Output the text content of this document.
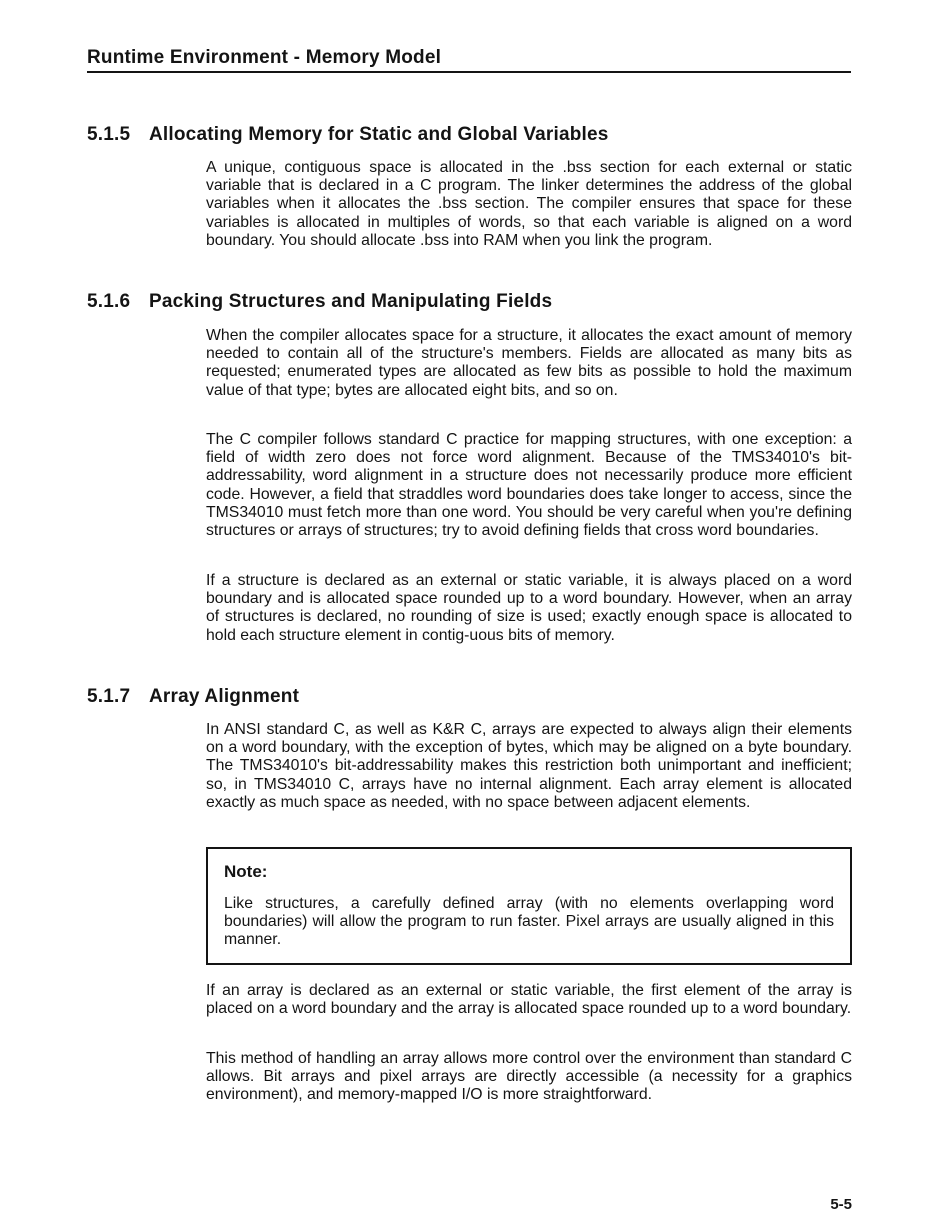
Runtime Environment - Memory Model
5.1.5 Allocating Memory for Static and Global Variables

A unique, contiguous space is allocated in the .bss section for each external or static variable that is declared in a C program. The linker determines the address of the global variables when it allocates the .bss section. The compiler ensures that space for these variables is allocated in multiples of words, so that each variable is aligned on a word boundary. You should allocate .bss into RAM when you link the program.

5.1.6 Packing Structures and Manipulating Fields

When the compiler allocates space for a structure, it allocates the exact amount of memory needed to contain all of the structure's members. Fields are allocated as many bits as requested; enumerated types are allocated as few bits as possible to hold the maximum value of that type; bytes are allocated eight bits, and so on.

The C compiler follows standard C practice for mapping structures, with one exception: a field of width zero does not force word alignment. Because of the TMS34010's bit-addressability, word alignment in a structure does not necessarily produce more efficient code. However, a field that straddles word boundaries does take longer to access, since the TMS34010 must fetch more than one word. You should be very careful when you're defining structures or arrays of structures; try to avoid defining fields that cross word boundaries.

If a structure is declared as an external or static variable, it is always placed on a word boundary and is allocated space rounded up to a word boundary. However, when an array of structures is declared, no rounding of size is used; exactly enough space is allocated to hold each structure element in contig-uous bits of memory.

5.1.7 Array Alignment

In ANSI standard C, as well as K&R C, arrays are expected to always align their elements on a word boundary, with the exception of bytes, which may be aligned on a byte boundary. The TMS34010's bit-addressability makes this restriction both unimportant and inefficient; so, in TMS34010 C, arrays have no internal alignment. Each array element is allocated exactly as much space as needed, with no space between adjacent elements.

Note:

Like structures, a carefully defined array (with no elements overlapping word boundaries) will allow the program to run faster. Pixel arrays are usually aligned in this manner.

If an array is declared as an external or static variable, the first element of the array is placed on a word boundary and the array is allocated space rounded up to a word boundary.

This method of handling an array allows more control over the environment than standard C allows. Bit arrays and pixel arrays are directly accessible (a necessity for a graphics environment), and memory-mapped I/O is more straightforward.

5-5
